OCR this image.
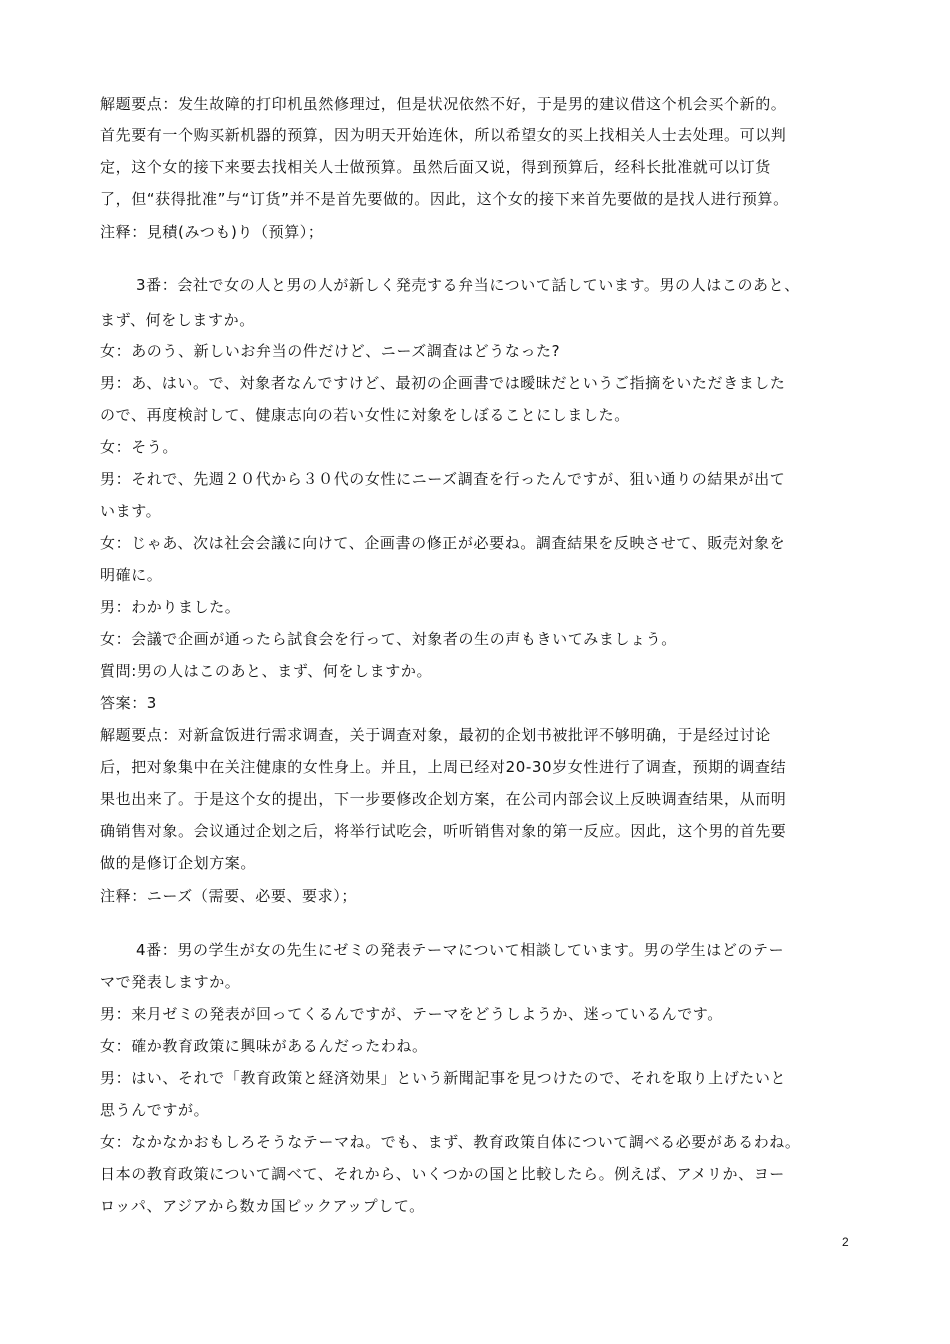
解题要点：发生故障的打印机虽然修理过，但是状况依然不好，于是男的建议借这个机会买个新的。
首先要有一个购买新机器的预算，因为明天开始连休，所以希望女的买上找相关人士去处理。可以判
定，这个女的接下来要去找相关人士做预算。虽然后面又说，得到预算后，经科长批准就可以订货
了，但“获得批准”与“订货”并不是首先要做的。因此，这个女的接下来首先要做的是找人进行预算。
注释：見積(みつも)り（预算）；
3番：会社で女の人と男の人が新しく発売する弁当について話しています。男の人はこのあと、
まず、何をしますか。
女：あのう、新しいお弁当の件だけど、ニーズ調査はどうなった?
男：あ、はい。で、対象者なんですけど、最初の企画書では曖昧だというご指摘をいただきました
ので、再度検討して、健康志向の若い女性に対象をしぼることにしました。
女：そう。
男：それで、先週２０代から３０代の女性にニーズ調査を行ったんですが、狙い通りの結果が出て
います。
女：じゃあ、次は社会会議に向けて、企画書の修正が必要ね。調査結果を反映させて、販売対象を
明確に。
男：わかりました。
女：会議で企画が通ったら試食会を行って、対象者の生の声もきいてみましょう。
質問:男の人はこのあと、まず、何をしますか。
答案：3
解题要点：对新盒饭进行需求调查，关于调查对象，最初的企划书被批评不够明确，于是经过讨论
后，把对象集中在关注健康的女性身上。并且，上周已经对20-30岁女性进行了调查，预期的调查结
果也出来了。于是这个女的提出，下一步要修改企划方案，在公司内部会议上反映调查结果，从而明
确销售对象。会议通过企划之后，将举行试吃会，听听销售对象的第一反应。因此，这个男的首先要
做的是修订企划方案。
注释：ニーズ（需要、必要、要求）；
4番：男の学生が女の先生にゼミの発表テーマについて相談しています。男の学生はどのテー
マで発表しますか。
男：来月ゼミの発表が回ってくるんですが、テーマをどうしようか、迷っているんです。
女：確か教育政策に興味があるんだったわね。
男：はい、それで「教育政策と経済効果」という新聞記事を見つけたので、それを取り上げたいと
思うんですが。
女：なかなかおもしろそうなテーマね。でも、まず、教育政策自体について調べる必要があるわね。
日本の教育政策について調べて、それから、いくつかの国と比較したら。例えば、アメリか、ヨー
ロッパ、アジアから数カ国ピックアップして。
2
